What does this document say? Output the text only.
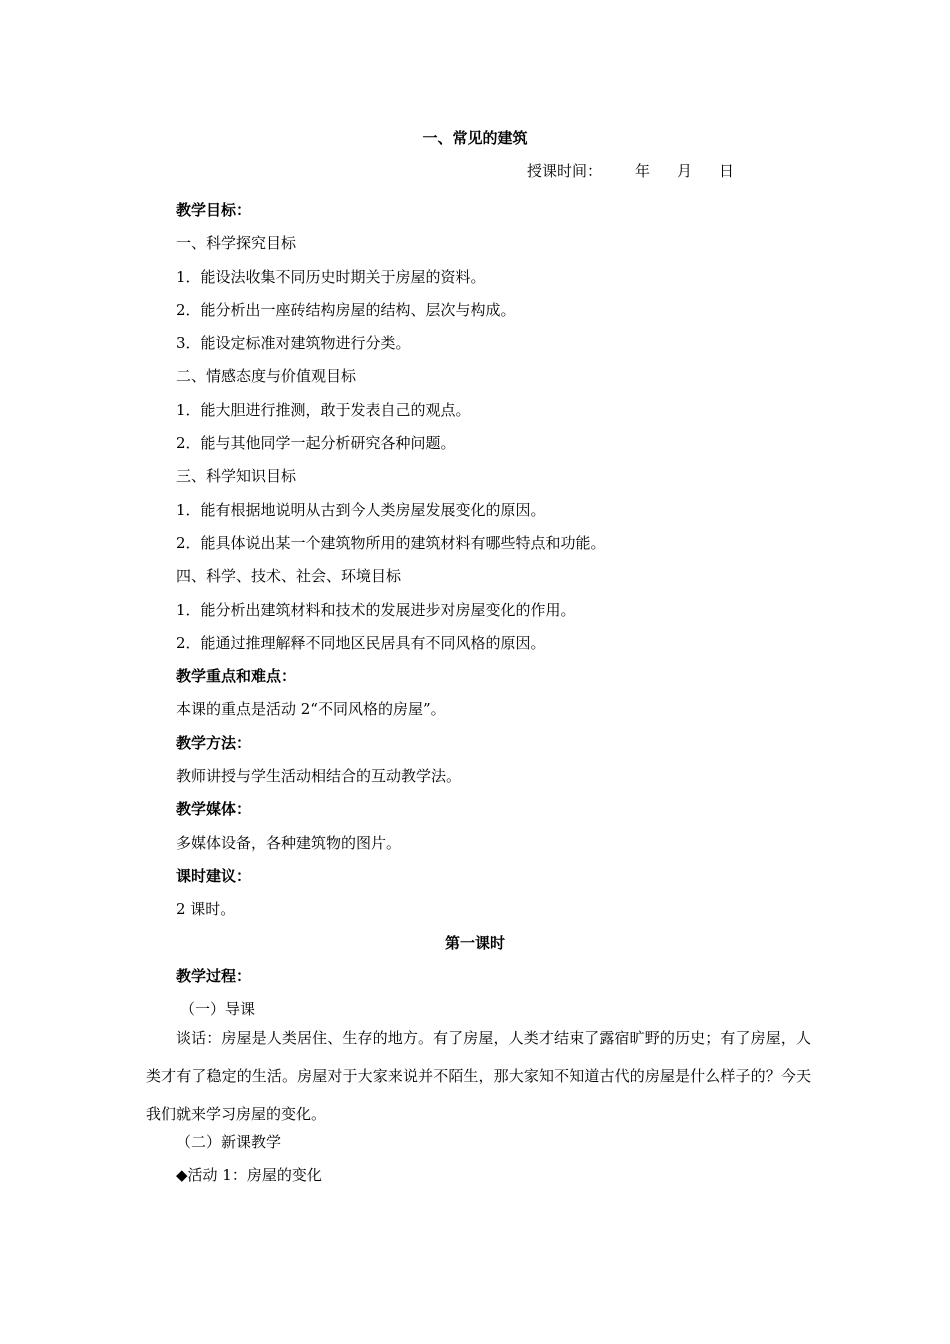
一、常见的建筑
授课时间： 年 月 日
教学目标：
一、科学探究目标
1．能设法收集不同历史时期关于房屋的资料。
2．能分析出一座砖结构房屋的结构、层次与构成。
3．能设定标准对建筑物进行分类。
二、情感态度与价值观目标
1．能大胆进行推测，敢于发表自己的观点。
2．能与其他同学一起分析研究各种问题。
三、科学知识目标
1．能有根据地说明从古到今人类房屋发展变化的原因。
2．能具体说出某一个建筑物所用的建筑材料有哪些特点和功能。
四、科学、技术、社会、环境目标
1．能分析出建筑材料和技术的发展进步对房屋变化的作用。
2．能通过推理解释不同地区民居具有不同风格的原因。
教学重点和难点：
本课的重点是活动 2“不同风格的房屋”。
教学方法：
教师讲授与学生活动相结合的互动教学法。
教学媒体：
多媒体设备，各种建筑物的图片。
课时建议：
2 课时。
第一课时
教学过程：
（一）导课
谈话：房屋是人类居住、生存的地方。有了房屋，人类才结束了露宿旷野的历史；有了房屋，人类才有了稳定的生活。房屋对于大家来说并不陌生，那大家知不知道古代的房屋是什么样子的？今天我们就来学习房屋的变化。
（二）新课教学
◆活动 1：房屋的变化
